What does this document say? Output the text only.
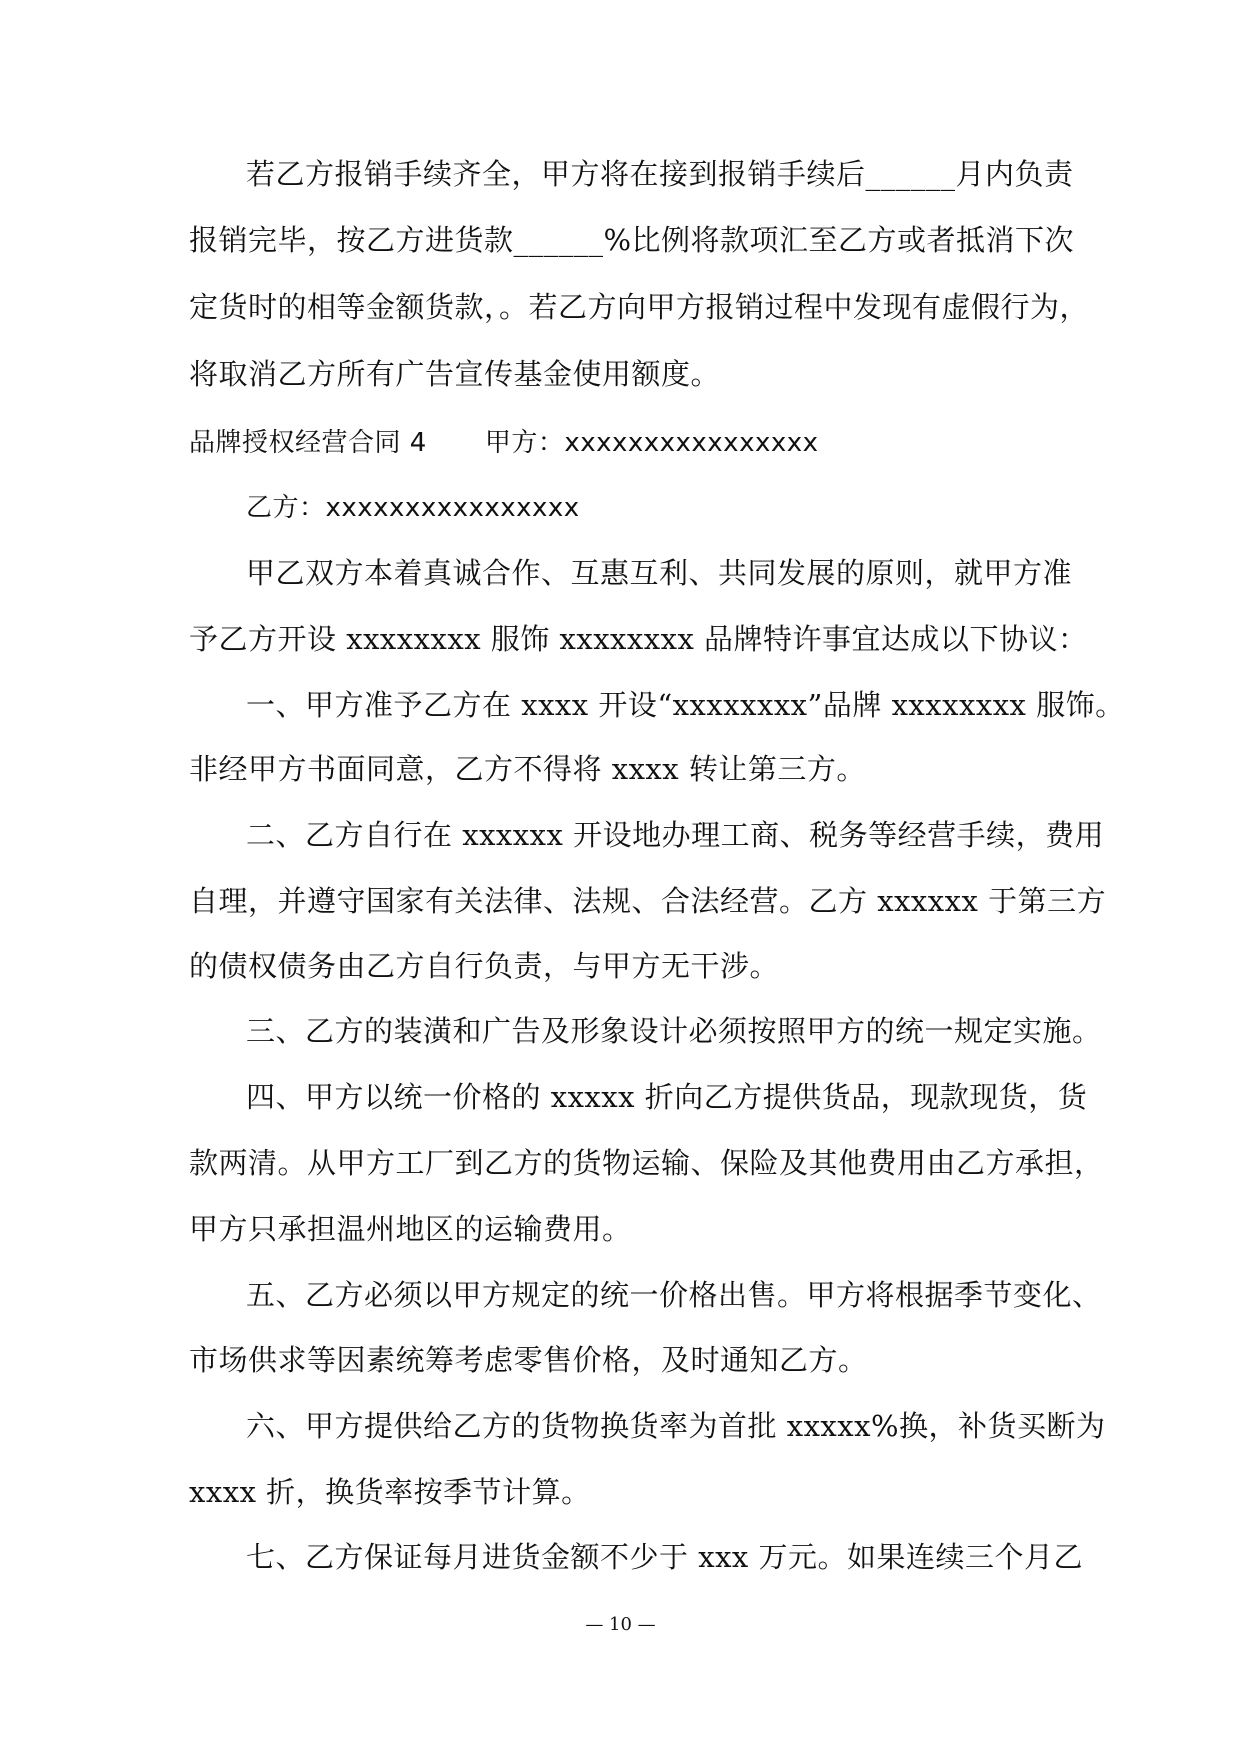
若乙方报销手续齐全，甲方将在接到报销手续后______月内负责
报销完毕，按乙方进货款______%比例将款项汇至乙方或者抵消下次
定货时的相等金额货款，。若乙方向甲方报销过程中发现有虚假行为，
将取消乙方所有广告宣传基金使用额度。
品牌授权经营合同 4 甲方：xxxxxxxxxxxxxxxx
乙方：xxxxxxxxxxxxxxxx
甲乙双方本着真诚合作、互惠互利、共同发展的原则，就甲方准
予乙方开设 xxxxxxxx 服饰 xxxxxxxx 品牌特许事宜达成以下协议：
一、甲方准予乙方在 xxxx 开设“xxxxxxxx”品牌 xxxxxxxx 服饰。
非经甲方书面同意，乙方不得将 xxxx 转让第三方。
二、乙方自行在 xxxxxx 开设地办理工商、税务等经营手续，费用
自理，并遵守国家有关法律、法规、合法经营。乙方 xxxxxx 于第三方
的债权债务由乙方自行负责，与甲方无干涉。
三、乙方的装潢和广告及形象设计必须按照甲方的统一规定实施。
四、甲方以统一价格的 xxxxx 折向乙方提供货品，现款现货，货
款两清。从甲方工厂到乙方的货物运输、保险及其他费用由乙方承担，
甲方只承担温州地区的运输费用。
五、乙方必须以甲方规定的统一价格出售。甲方将根据季节变化、
市场供求等因素统筹考虑零售价格，及时通知乙方。
六、甲方提供给乙方的货物换货率为首批 xxxxx%换，补货买断为
xxxx 折，换货率按季节计算。
七、乙方保证每月进货金额不少于 xxx 万元。如果连续三个月乙
— 10 —
